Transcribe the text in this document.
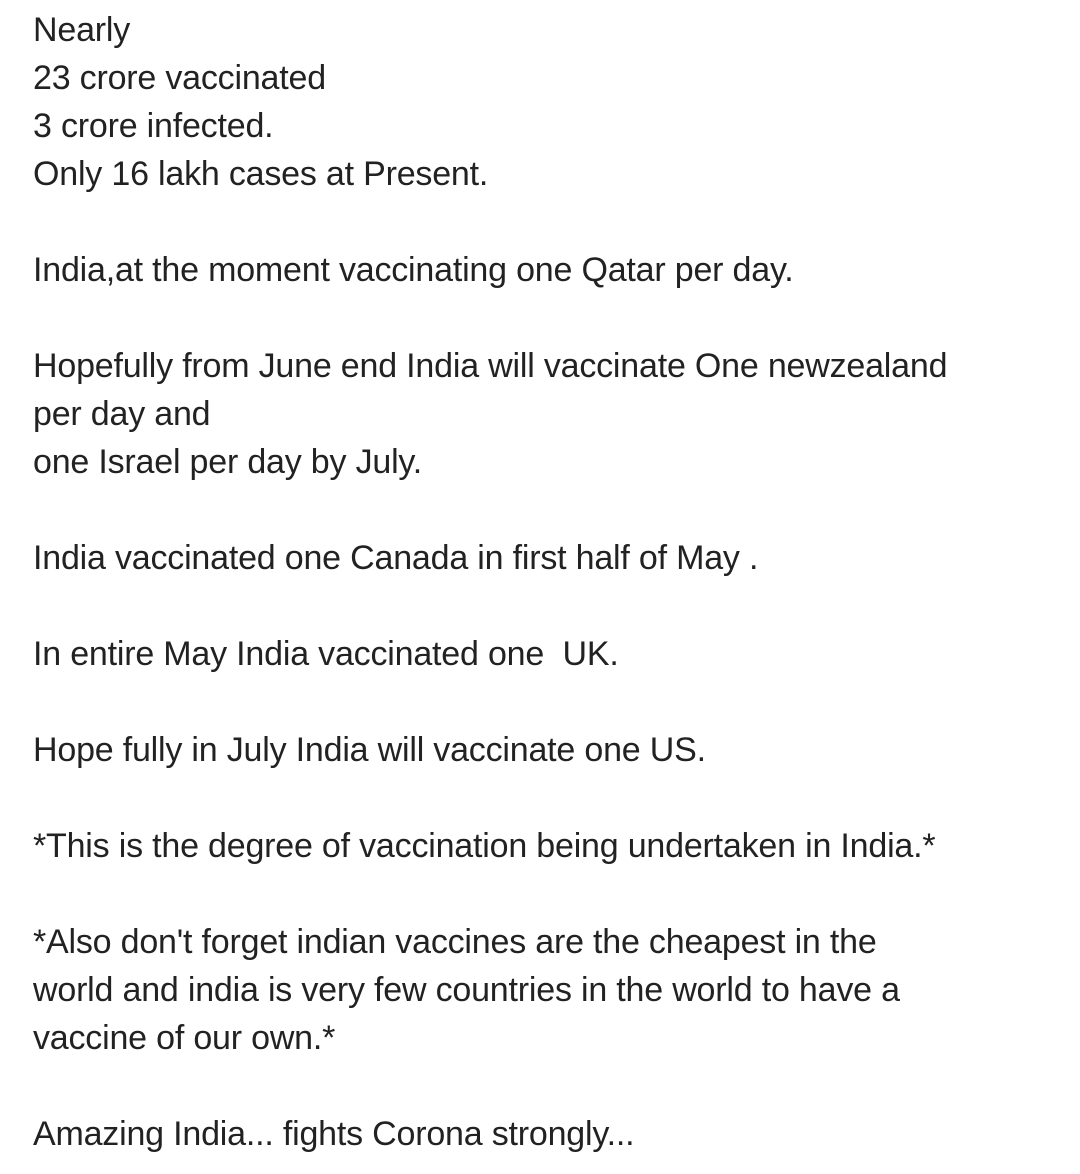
Nearly
23 crore vaccinated
3 crore infected.
Only 16 lakh cases at Present.
India,at the moment vaccinating one Qatar per day.
Hopefully from June end India will vaccinate One newzealand
per day and
one Israel per day by July.
India vaccinated one Canada in first half of May .
In entire May India vaccinated one  UK.
Hope fully in July India will vaccinate one US.
*This is the degree of vaccination being undertaken in India.*
*Also don't forget indian vaccines are the cheapest in the
world and india is very few countries in the world to have a
vaccine of our own.*
Amazing India... fights Corona strongly...
